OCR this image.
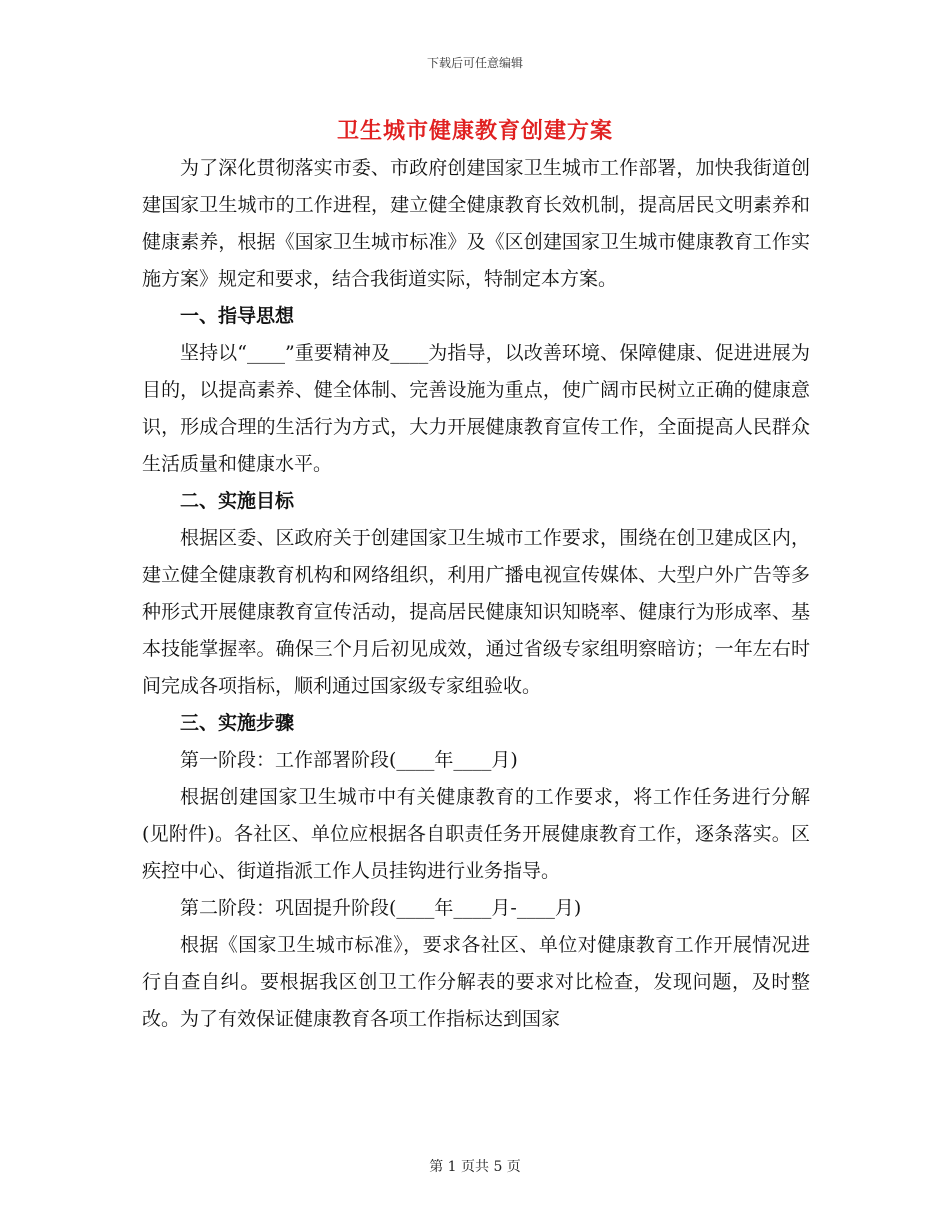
下载后可任意编辑
卫生城市健康教育创建方案

为了深化贯彻落实市委、市政府创建国家卫生城市工作部署，加快我街道创建国家卫生城市的工作进程，建立健全健康教育长效机制，提高居民文明素养和健康素养，根据《国家卫生城市标准》及《区创建国家卫生城市健康教育工作实施方案》规定和要求，结合我街道实际，特制定本方案。

一、指导思想

坚持以“____”重要精神及____为指导，以改善环境、保障健康、促进进展为目的，以提高素养、健全体制、完善设施为重点，使广阔市民树立正确的健康意识，形成合理的生活行为方式，大力开展健康教育宣传工作，全面提高人民群众生活质量和健康水平。

二、实施目标

根据区委、区政府关于创建国家卫生城市工作要求，围绕在创卫建成区内，建立健全健康教育机构和网络组织，利用广播电视宣传媒体、大型户外广告等多种形式开展健康教育宣传活动，提高居民健康知识知晓率、健康行为形成率、基本技能掌握率。确保三个月后初见成效，通过省级专家组明察暗访；一年左右时间完成各项指标，顺利通过国家级专家组验收。

三、实施步骤

第一阶段：工作部署阶段(____年____月)

根据创建国家卫生城市中有关健康教育的工作要求，将工作任务进行分解(见附件)。各社区、单位应根据各自职责任务开展健康教育工作，逐条落实。区疾控中心、街道指派工作人员挂钩进行业务指导。

第二阶段：巩固提升阶段(____年____月-____月)

根据《国家卫生城市标准》，要求各社区、单位对健康教育工作开展情况进行自查自纠。要根据我区创卫工作分解表的要求对比检查，发现问题，及时整改。为了有效保证健康教育各项工作指标达到国家

第 1 页共 5 页
